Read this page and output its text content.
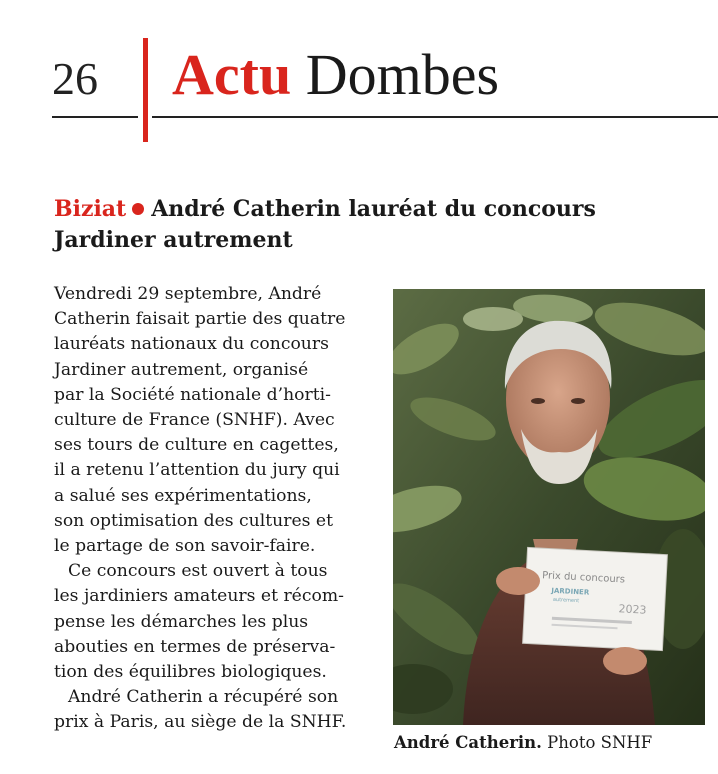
26 Actu Dombes
Biziat André Catherin lauréat du concours Jardiner autrement
Vendredi 29 septembre, André
Catherin faisait partie des quatre
lauréats nationaux du concours
Jardiner autrement, organisé
par la Société nationale d’horti-
culture de France (SNHF). Avec
ses tours de culture en cagettes,
il a retenu l’attention du jury qui
a salué ses expérimentations,
son optimisation des cultures et
le partage de son savoir-faire.
Ce concours est ouvert à tous
les jardiniers amateurs et récom-
pense les démarches les plus
abouties en termes de préserva-
tion des équilibres biologiques.
André Catherin a récupéré son
prix à Paris, au siège de la SNHF.
Prix du concours
JARDINER
autrement
2023
André Catherin. Photo SNHF
